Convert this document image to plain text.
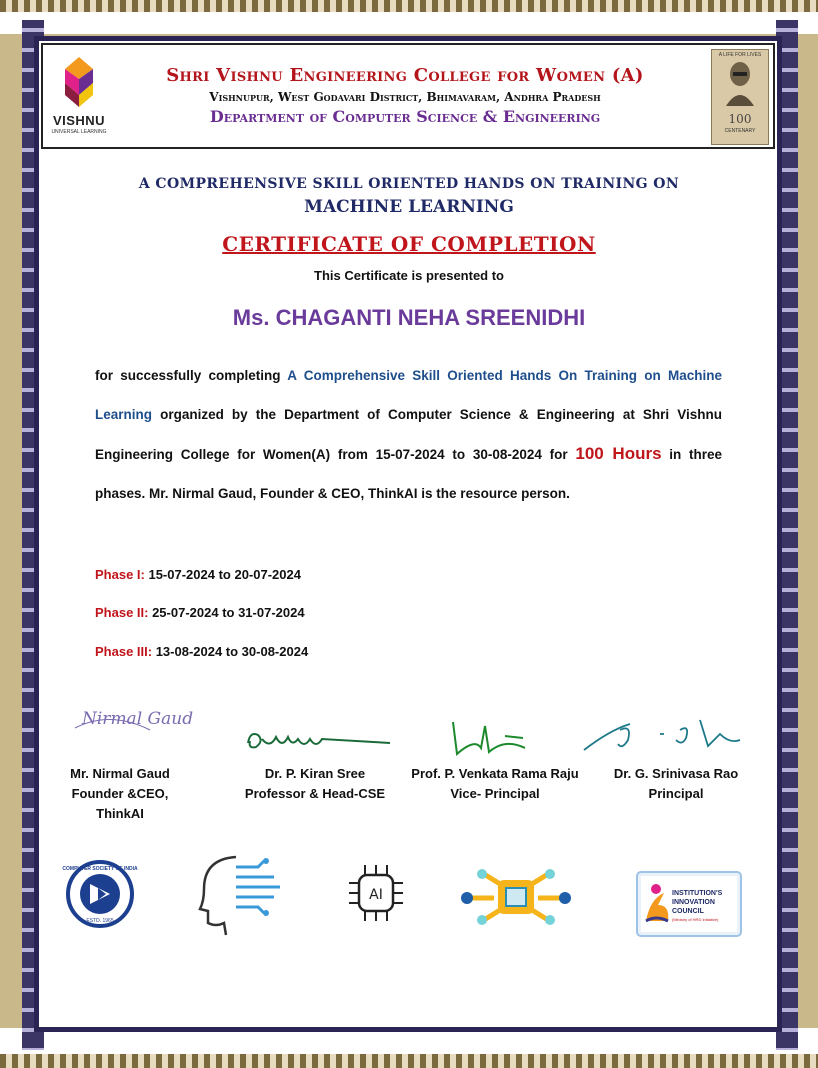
VISHNU
UNIVERSAL LEARNING
Shri Vishnu Engineering College for Women (A)
Vishnupur, West Godavari District, Bhimavaram, Andhra Pradesh
Department of Computer Science & Engineering
A LIFE FOR LIVES
100
CENTENARY
A COMPREHENSIVE SKILL ORIENTED HANDS ON TRAINING ON
MACHINE LEARNING
CERTIFICATE OF COMPLETION
This Certificate is presented to
Ms. CHAGANTI NEHA SREENIDHI
for successfully completing A Comprehensive Skill Oriented Hands On Training on Machine Learning organized by the Department of Computer Science & Engineering at Shri Vishnu Engineering College for Women(A) from 15-07-2024 to 30-08-2024 for 100 Hours in three phases. Mr. Nirmal Gaud, Founder & CEO, ThinkAI is the resource person.
Phase I: 15-07-2024 to 20-07-2024
Phase II: 25-07-2024 to 31-07-2024
Phase III: 13-08-2024 to 30-08-2024
Nirmal Gaud
Mr. Nirmal Gaud
Founder &CEO, ThinkAI
Dr. P. Kiran Sree
Professor & Head-CSE
Prof. P. Venkata Rama Raju
Vice- Principal
Dr. G. Srinivasa Rao
Principal
COMPUTER SOCIETY OF INDIA
ESTD. 1965
AI	INSTITUTION'S
INNOVATION
COUNCIL
(Ministry of HRD Initiative)
